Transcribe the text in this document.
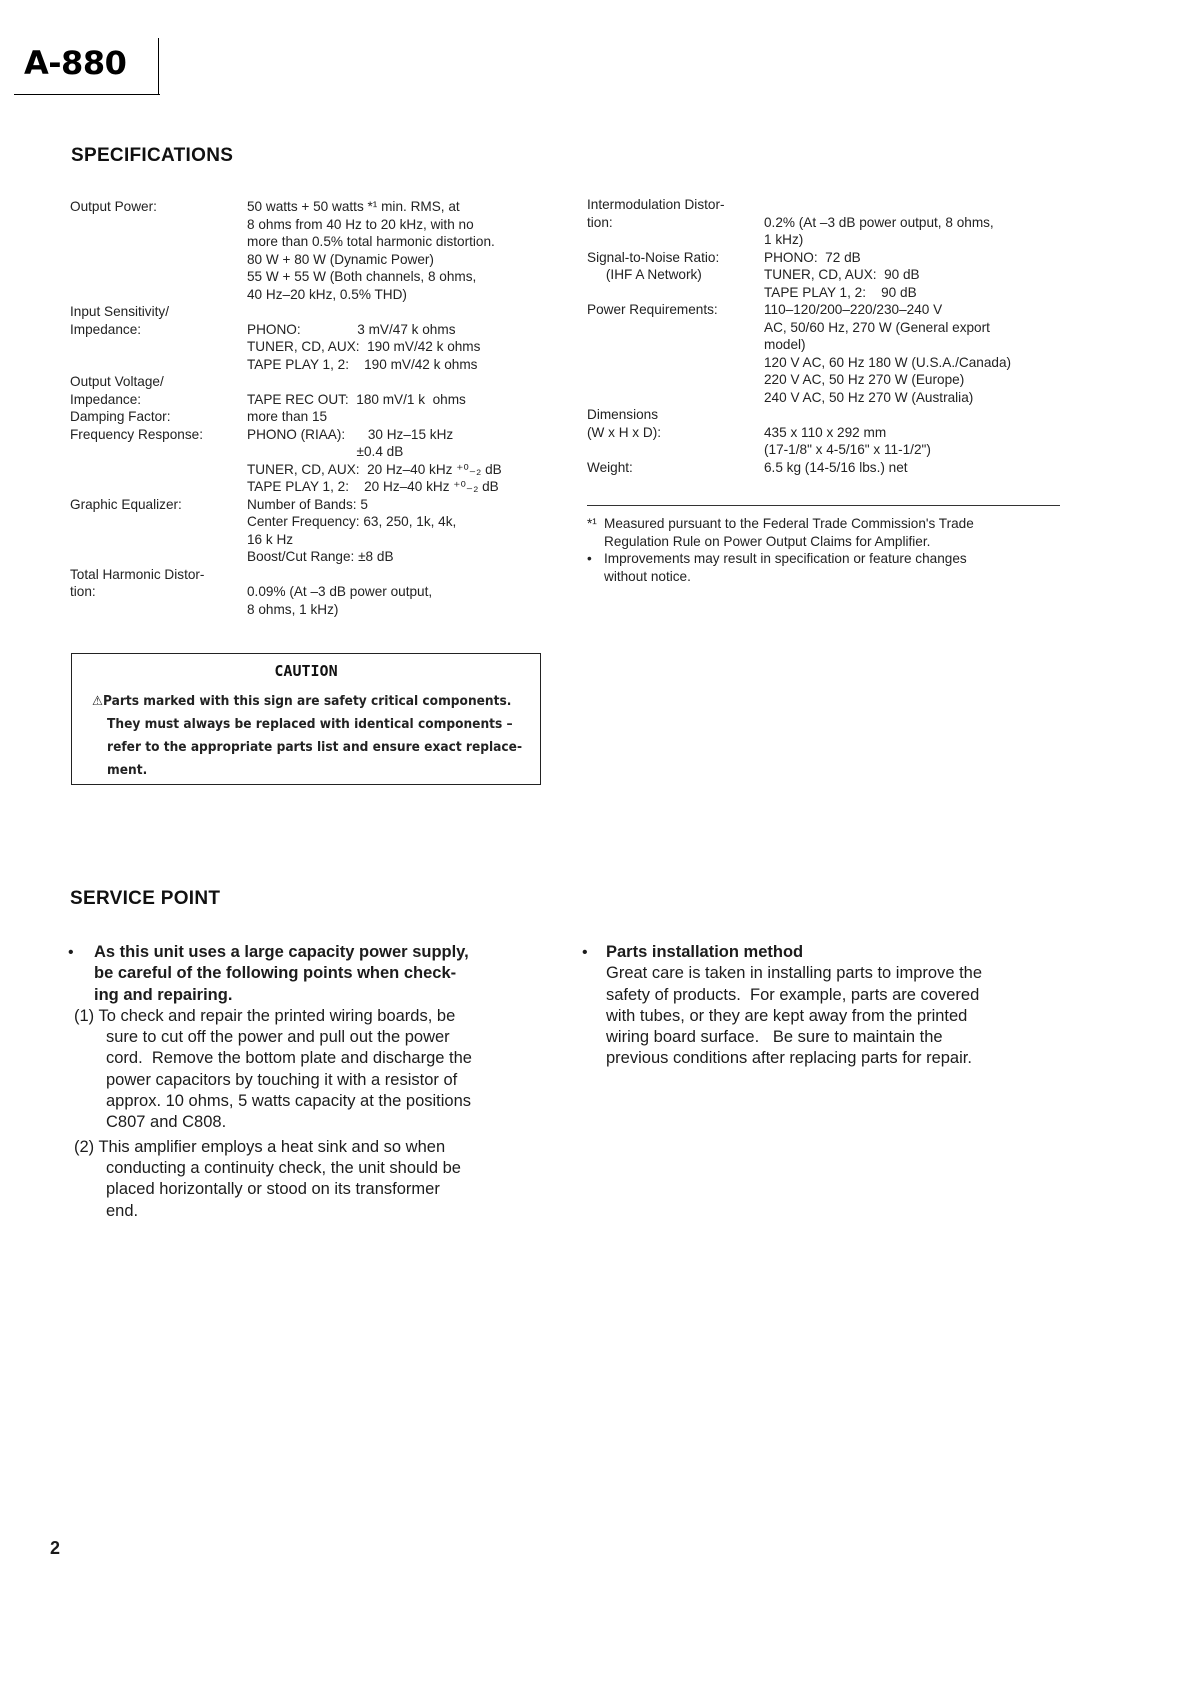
A-880
SPECIFICATIONS
Output Power:	50 watts + 50 watts *¹ min. RMS, at
8 ohms from 40 Hz to 20 kHz, with no
more than 0.5% total harmonic distortion.
80 W + 80 W (Dynamic Power)
55 W + 55 W (Both channels, 8 ohms,
40 Hz–20 kHz, 0.5% THD)
Input Sensitivity/
Impedance:	PHONO:               3 mV/47 k ohms
TUNER, CD, AUX:  190 mV/42 k ohms
TAPE PLAY 1, 2:    190 mV/42 k ohms
Output Voltage/
Impedance:	TAPE REC OUT:  180 mV/1 k  ohms
Damping Factor:	more than 15
Frequency Response:	PHONO (RIAA):      30 Hz–15 kHz
±0.4 dB
TUNER, CD, AUX:  20 Hz–40 kHz ⁺⁰₋₂ dB
TAPE PLAY 1, 2:    20 Hz–40 kHz ⁺⁰₋₂ dB
Graphic Equalizer:	Number of Bands: 5
Center Frequency: 63, 250, 1k, 4k,
16 k Hz
Boost/Cut Range: ±8 dB
Total Harmonic Distor-
tion:	0.09% (At –3 dB power output,
8 ohms, 1 kHz)
Intermodulation Distor-
tion:	0.2% (At –3 dB power output, 8 ohms,
1 kHz)
Signal-to-Noise Ratio:	PHONO:  72 dB
(IHF A Network)	TUNER, CD, AUX:  90 dB
TAPE PLAY 1, 2:    90 dB
Power Requirements:	110–120/200–220/230–240 V
AC, 50/60 Hz, 270 W (General export
model)
120 V AC, 60 Hz 180 W (U.S.A./Canada)
220 V AC, 50 Hz 270 W (Europe)
240 V AC, 50 Hz 270 W (Australia)
Dimensions
(W x H x D):	435 x 110 x 292 mm
(17-1/8" x 4-5/16" x 11-1/2")
Weight:	6.5 kg (14-5/16 lbs.) net
*¹ Measured pursuant to the Federal Trade Commission's Trade
Regulation Rule on Power Output Claims for Amplifier.
• Improvements may result in specification or feature changes
without notice.
CAUTION
⚠Parts marked with this sign are safety critical components.
They must always be replaced with identical components –
refer to the appropriate parts list and ensure exact replace-
ment.
SERVICE POINT
• As this unit uses a large capacity power supply,
be careful of the following points when check-
ing and repairing.
(1) To check and repair the printed wiring boards, be
sure to cut off the power and pull out the power
cord.  Remove the bottom plate and discharge the
power capacitors by touching it with a resistor of
approx. 10 ohms, 5 watts capacity at the positions
C807 and C808.
(2) This amplifier employs a heat sink and so when
conducting a continuity check, the unit should be
placed horizontally or stood on its transformer
end.
• Parts installation method
Great care is taken in installing parts to improve the
safety of products.  For example, parts are covered
with tubes, or they are kept away from the printed
wiring board surface.   Be sure to maintain the
previous conditions after replacing parts for repair.
2
